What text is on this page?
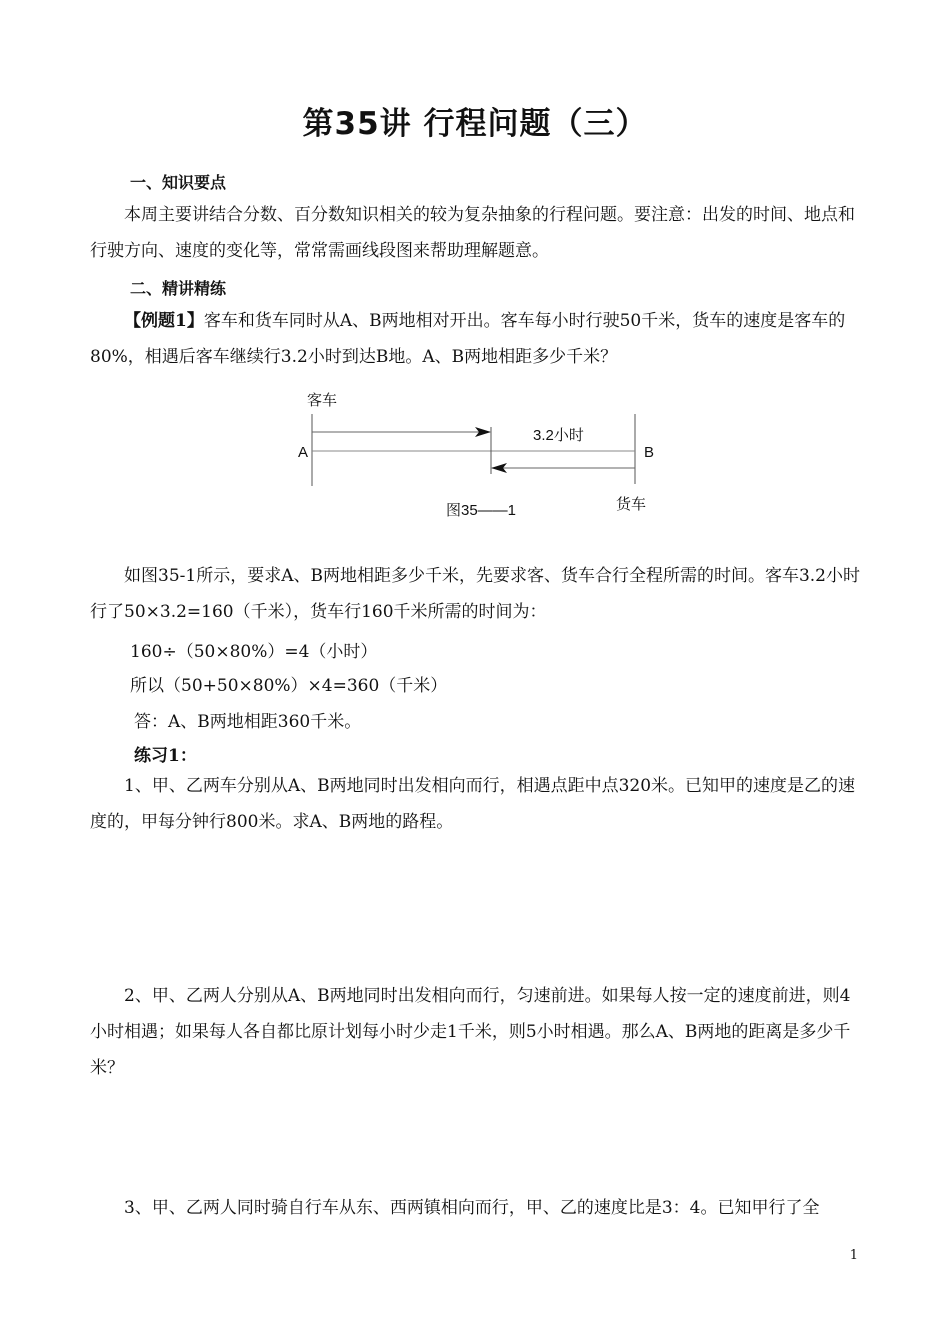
第35讲 行程问题（三）
一、知识要点
本周主要讲结合分数、百分数知识相关的较为复杂抽象的行程问题。要注意：出发的时间、地点和行驶方向、速度的变化等，常常需画线段图来帮助理解题意。
二、精讲精练
【例题1】客车和货车同时从A、B两地相对开出。客车每小时行驶50千米，货车的速度是客车的80%，相遇后客车继续行3.2小时到达B地。A、B两地相距多少千米？
客车
A	B
3.2小时
货车
图35——1
如图35-1所示，要求A、B两地相距多少千米，先要求客、货车合行全程所需的时间。客车3.2小时行了50×3.2=160（千米），货车行160千米所需的时间为：
160÷（50×80%）=4（小时）
所以（50+50×80%）×4=360（千米）
答：A、B两地相距360千米。
练习1：
1、甲、乙两车分别从A、B两地同时出发相向而行，相遇点距中点320米。已知甲的速度是乙的速度的，甲每分钟行800米。求A、B两地的路程。
2、甲、乙两人分别从A、B两地同时出发相向而行，匀速前进。如果每人按一定的速度前进，则4小时相遇；如果每人各自都比原计划每小时少走1千米，则5小时相遇。那么A、B两地的距离是多少千米？
3、甲、乙两人同时骑自行车从东、西两镇相向而行，甲、乙的速度比是3：4。已知甲行了全
1
